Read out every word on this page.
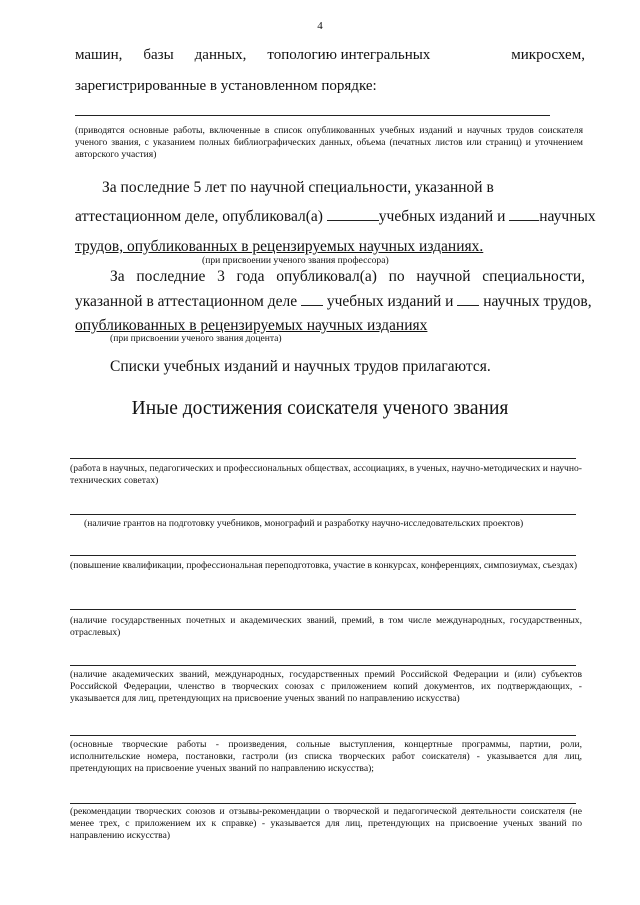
4
машин, базы данных, топологию интегральных	микросхем,
зарегистрированные в установленном порядке:
(приводятся основные работы, включенные в список опубликованных учебных изданий и научных трудов соискателя ученого звания, с указанием полных библиографических данных, объема (печатных листов или страниц) и уточнением авторского участия)
За последние 5 лет по научной специальности, указанной в
аттестационном деле, опубликовал(а)	учебных изданий и научных
трудов, опубликованных в рецензируемых научных изданиях.
(при присвоении ученого звания профессора)
За последние 3 года опубликовал(а) по научной специальности,
указанной в аттестационном деле учебных изданий и научных трудов,
опубликованных в рецензируемых научных изданиях
(при присвоении ученого звания доцента)
Списки учебных изданий и научных трудов прилагаются.
Иные достижения соискателя ученого звания
(работа в научных, педагогических и профессиональных обществах, ассоциациях, в ученых, научно-методических и научно-технических советах)
(наличие грантов на подготовку учебников, монографий и разработку научно-исследовательских проектов)
(повышение квалификации, профессиональная переподготовка, участие в конкурсах, конференциях, симпозиумах, съездах)
(наличие государственных почетных и академических званий, премий, в том числе международных, государственных, отраслевых)
(наличие академических званий, международных, государственных премий Российской Федерации и (или) субъектов Российской Федерации, членство в творческих союзах с приложением копий документов, их подтверждающих, - указывается для лиц, претендующих на присвоение ученых званий по направлению искусства)
(основные творческие работы - произведения, сольные выступления, концертные программы, партии, роли, исполнительские номера, постановки, гастроли (из списка творческих работ соискателя) - указывается для лиц, претендующих на присвоение ученых званий по направлению искусства);
(рекомендации творческих союзов и отзывы-рекомендации о творческой и педагогической деятельности соискателя (не менее трех, с приложением их к справке) - указывается для лиц, претендующих на присвоение ученых званий по направлению искусства)
